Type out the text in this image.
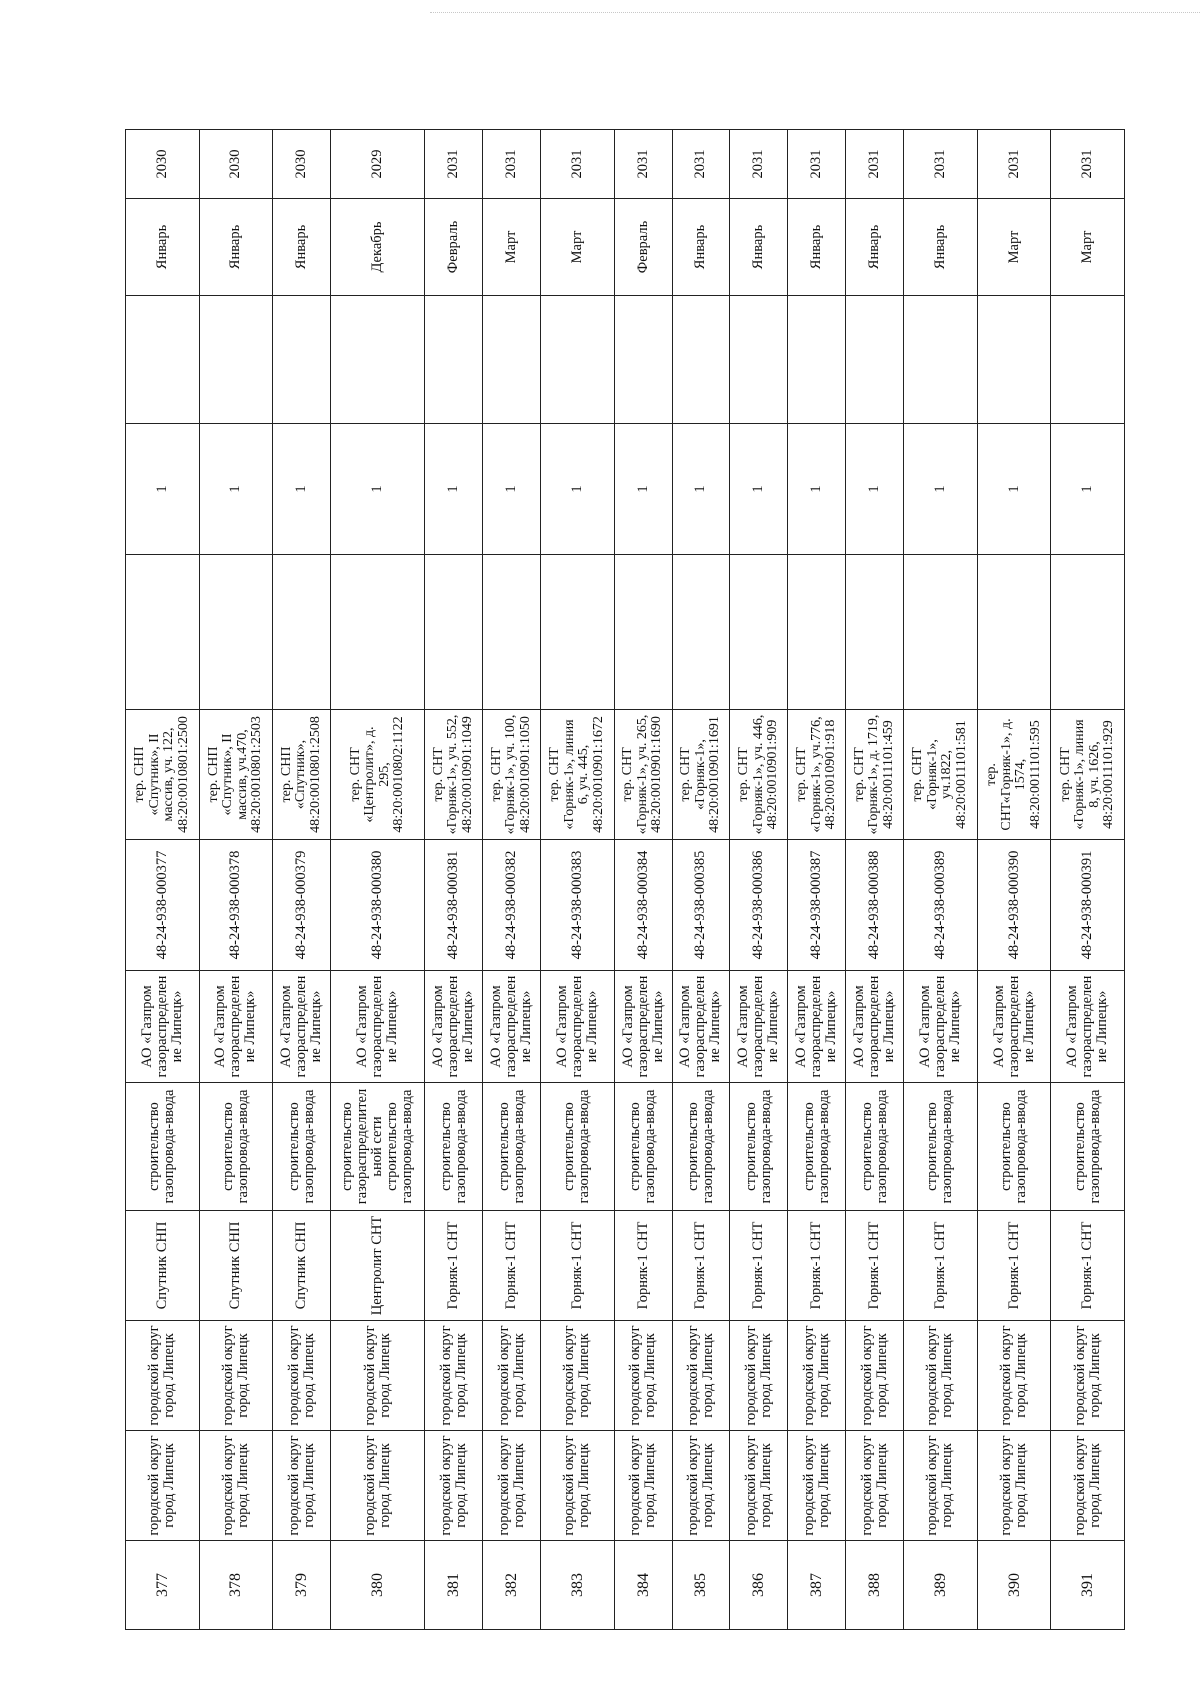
377	городской округ город Липецк	городской округ город Липецк	Спутник СНП	строительство газопровода-ввода	АО «Газпром газораспределение Липецк»	48-24-938-000377	тер. СНП «Спутник», II массив, уч. 122, 48:20:0010801:2500		1		Январь	2030
378	городской округ город Липецк	городской округ город Липецк	Спутник СНП	строительство газопровода-ввода	АО «Газпром газораспределение Липецк»	48-24-938-000378	тер. СНП «Спутник», II массив, уч.470, 48:20:0010801:2503		1		Январь	2030
379	городской округ город Липецк	городской округ город Липецк	Спутник СНП	строительство газопровода-ввода	АО «Газпром газораспределение Липецк»	48-24-938-000379	тер. СНП «Спутник», 48:20:0010801:2508		1		Январь	2030
380	городской округ город Липецк	городской округ город Липецк	Центролит СНТ	строительство газораспределительной сети строительство газопровода-ввода	АО «Газпром газораспределение Липецк»	48-24-938-000380	тер. СНТ «Центролит», д. 295, 48:20:0010802:1122		1		Декабрь	2029
381	городской округ город Липецк	городской округ город Липецк	Горняк-1 СНТ	строительство газопровода-ввода	АО «Газпром газораспределение Липецк»	48-24-938-000381	тер. СНТ «Горняк-1», уч. 552, 48:20:0010901:1049		1		Февраль	2031
382	городской округ город Липецк	городской округ город Липецк	Горняк-1 СНТ	строительство газопровода-ввода	АО «Газпром газораспределение Липецк»	48-24-938-000382	тер. СНТ «Горняк-1», уч. 100, 48:20:0010901:1050		1		Март	2031
383	городской округ город Липецк	городской округ город Липецк	Горняк-1 СНТ	строительство газопровода-ввода	АО «Газпром газораспределение Липецк»	48-24-938-000383	тер. СНТ «Горняк-1», линия 6, уч. 445, 48:20:0010901:1672		1		Март	2031
384	городской округ город Липецк	городской округ город Липецк	Горняк-1 СНТ	строительство газопровода-ввода	АО «Газпром газораспределение Липецк»	48-24-938-000384	тер. СНТ «Горняк-1», уч. 265, 48:20:0010901:1690		1		Февраль	2031
385	городской округ город Липецк	городской округ город Липецк	Горняк-1 СНТ	строительство газопровода-ввода	АО «Газпром газораспределение Липецк»	48-24-938-000385	тер. СНТ «Горняк-1», 48:20:0010901:1691		1		Январь	2031
386	городской округ город Липецк	городской округ город Липецк	Горняк-1 СНТ	строительство газопровода-ввода	АО «Газпром газораспределение Липецк»	48-24-938-000386	тер. СНТ «Горняк-1», уч. 446, 48:20:0010901:909		1		Январь	2031
387	городской округ город Липецк	городской округ город Липецк	Горняк-1 СНТ	строительство газопровода-ввода	АО «Газпром газораспределение Липецк»	48-24-938-000387	тер. СНТ «Горняк-1», уч.776, 48:20:0010901:918		1		Январь	2031
388	городской округ город Липецк	городской округ город Липецк	Горняк-1 СНТ	строительство газопровода-ввода	АО «Газпром газораспределение Липецк»	48-24-938-000388	тер. СНТ «Горняк-1», д. 1719, 48:20:0011101:459		1		Январь	2031
389	городской округ город Липецк	городской округ город Липецк	Горняк-1 СНТ	строительство газопровода-ввода	АО «Газпром газораспределение Липецк»	48-24-938-000389	тер. СНТ «Горняк-1», уч.1822, 48:20:0011101:581		1		Январь	2031
390	городской округ город Липецк	городской округ город Липецк	Горняк-1 СНТ	строительство газопровода-ввода	АО «Газпром газораспределение Липецк»	48-24-938-000390	тер. СНТ«Горняк-1», д. 1574, 48:20:0011101:595		1		Март	2031
391	городской округ город Липецк	городской округ город Липецк	Горняк-1 СНТ	строительство газопровода-ввода	АО «Газпром газораспределение Липецк»	48-24-938-000391	тер. СНТ «Горняк-1», линия 8, уч. 1626, 48:20:0011101:929		1		Март	2031
